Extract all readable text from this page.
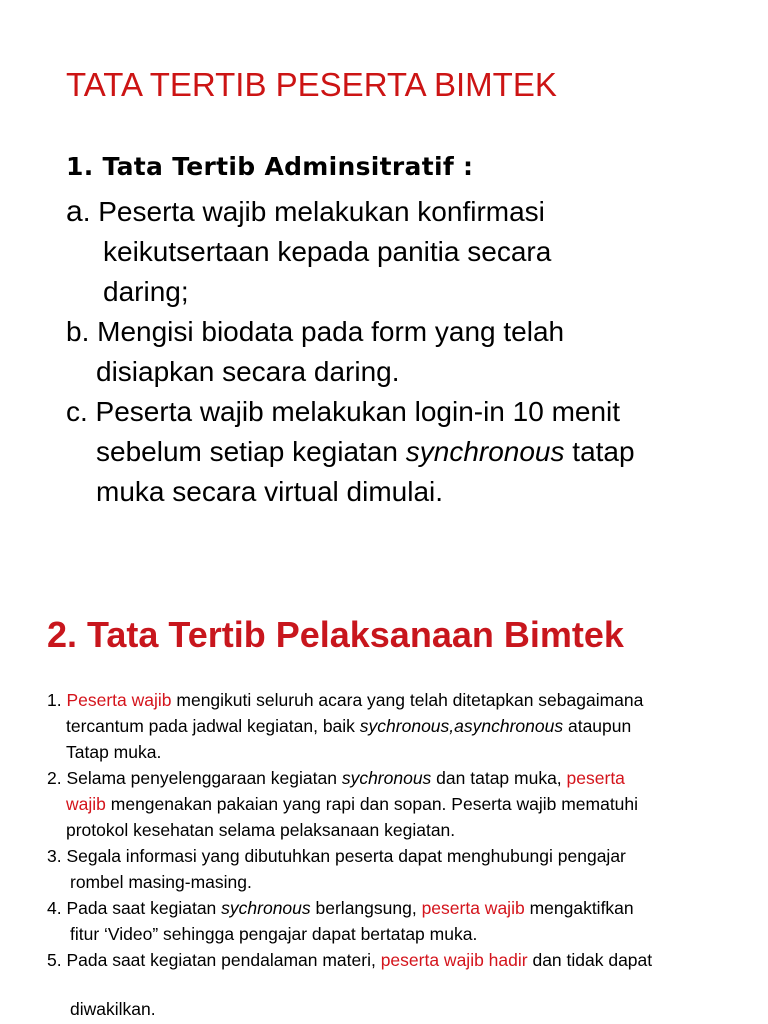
TATA TERTIB PESERTA BIMTEK
1. Tata Tertib Adminsitratif :
a. Peserta wajib melakukan konfirmasi
keikutsertaan kepada panitia secara
daring;
b. Mengisi biodata pada form yang telah
disiapkan secara daring.
c. Peserta wajib melakukan login-in 10 menit
sebelum setiap kegiatan synchronous tatap
muka secara virtual dimulai.
2. Tata Tertib Pelaksanaan Bimtek
1. Peserta wajib mengikuti seluruh acara yang telah ditetapkan sebagaimana
tercantum pada jadwal kegiatan, baik sychronous,asynchronous ataupun
Tatap muka.
2. Selama penyelenggaraan kegiatan sychronous dan tatap muka, peserta
wajib mengenakan pakaian yang rapi dan sopan. Peserta wajib mematuhi
protokol kesehatan selama pelaksanaan kegiatan.
3. Segala informasi yang dibutuhkan peserta dapat menghubungi pengajar
rombel masing-masing.
4. Pada saat kegiatan sychronous berlangsung, peserta wajib mengaktifkan
fitur ‘Video” sehingga pengajar dapat bertatap muka.
5. Pada saat kegiatan pendalaman materi, peserta wajib hadir dan tidak dapat
diwakilkan.
